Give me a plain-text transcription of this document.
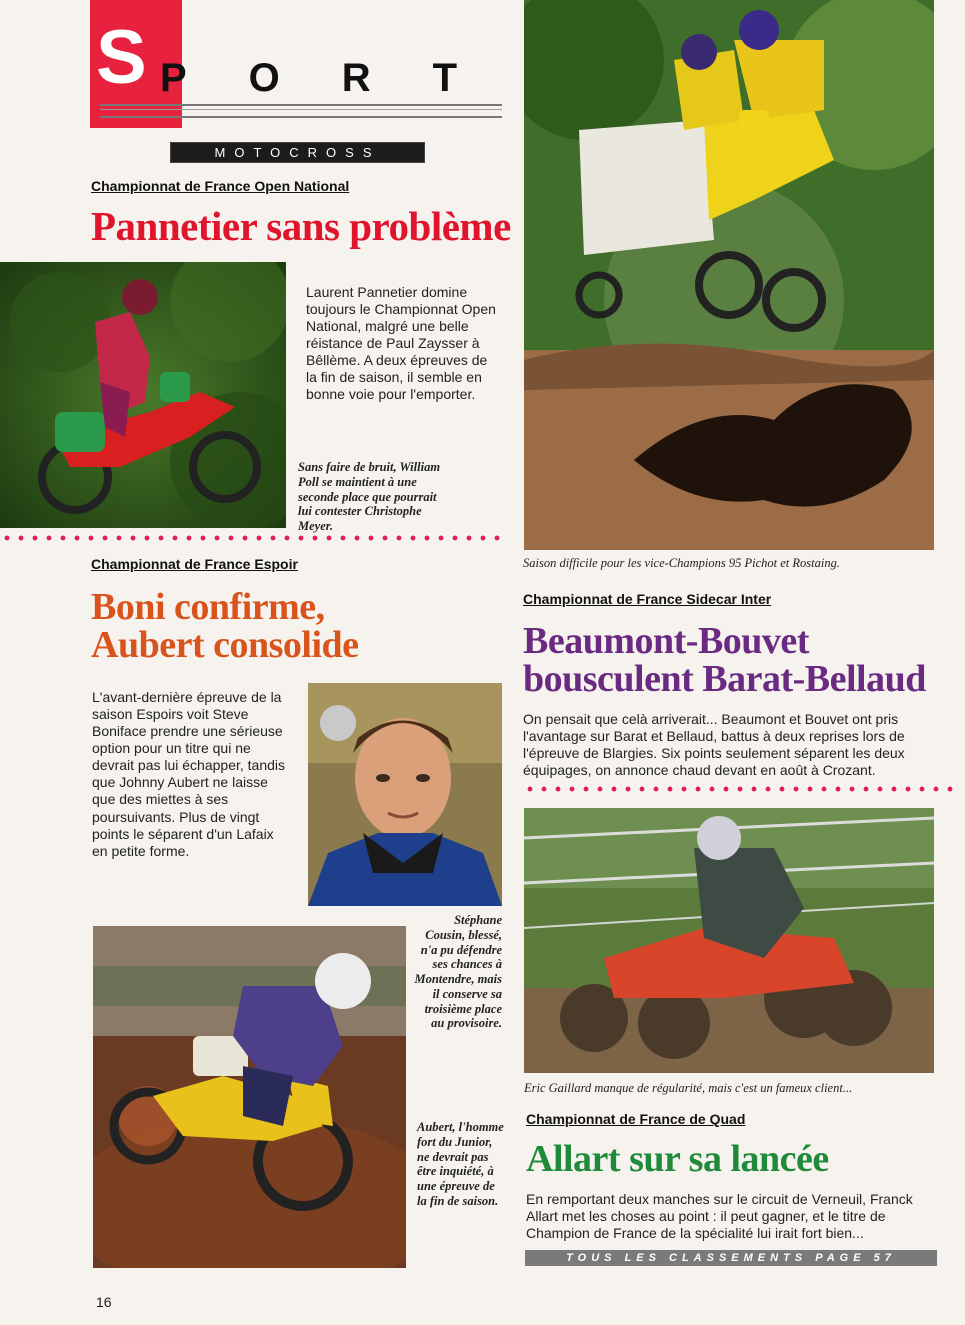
S PORT
MOTOCROSS
Championnat de France Open National
Pannetier sans problème
Laurent Pannetier domine toujours le Championnat Open National, malgré une belle réistance de Paul Zaysser à Bêllème. A deux épreuves de la fin de saison, il semble en bonne voie pour l'emporter.
Sans faire de bruit, William Poll se maintient à une seconde place que pourrait lui contester Christophe Meyer.
Championnat de France Espoir
Boni confirme,
Aubert consolide
L'avant-dernière épreuve de la saison Espoirs voit Steve Boniface prendre une sérieuse option pour un titre qui ne devrait pas lui échapper, tandis que Johnny Aubert ne laisse que des miettes à ses poursuivants. Plus de vingt points le séparent d'un Lafaix en petite forme.
Stéphane Cousin, blessé, n'a pu défendre ses chances à Montendre, mais il conserve sa troisième place au provisoire.
Aubert, l'homme fort du Junior, ne devrait pas être inquiété, à une épreuve de la fin de saison.
Saison difficile pour les vice-Champions 95 Pichot et Rostaing.
Championnat de France Sidecar Inter
Beaumont-Bouvet
bousculent Barat-Bellaud
On pensait que celà arriverait... Beaumont et Bouvet ont pris l'avantage sur Barat et Bellaud, battus à deux reprises lors de l'épreuve de Blargies. Six points seulement séparent les deux équipages, on annonce chaud devant en août à Crozant.
Eric Gaillard manque de régularité, mais c'est un fameux client...
Championnat de France de Quad
Allart sur sa lancée
En remportant deux manches sur le circuit de Verneuil, Franck Allart met les choses au point : il peut gagner, et le titre de Champion de France de la spécialité lui irait fort bien...
TOUS LES CLASSEMENTS PAGE 57
16
